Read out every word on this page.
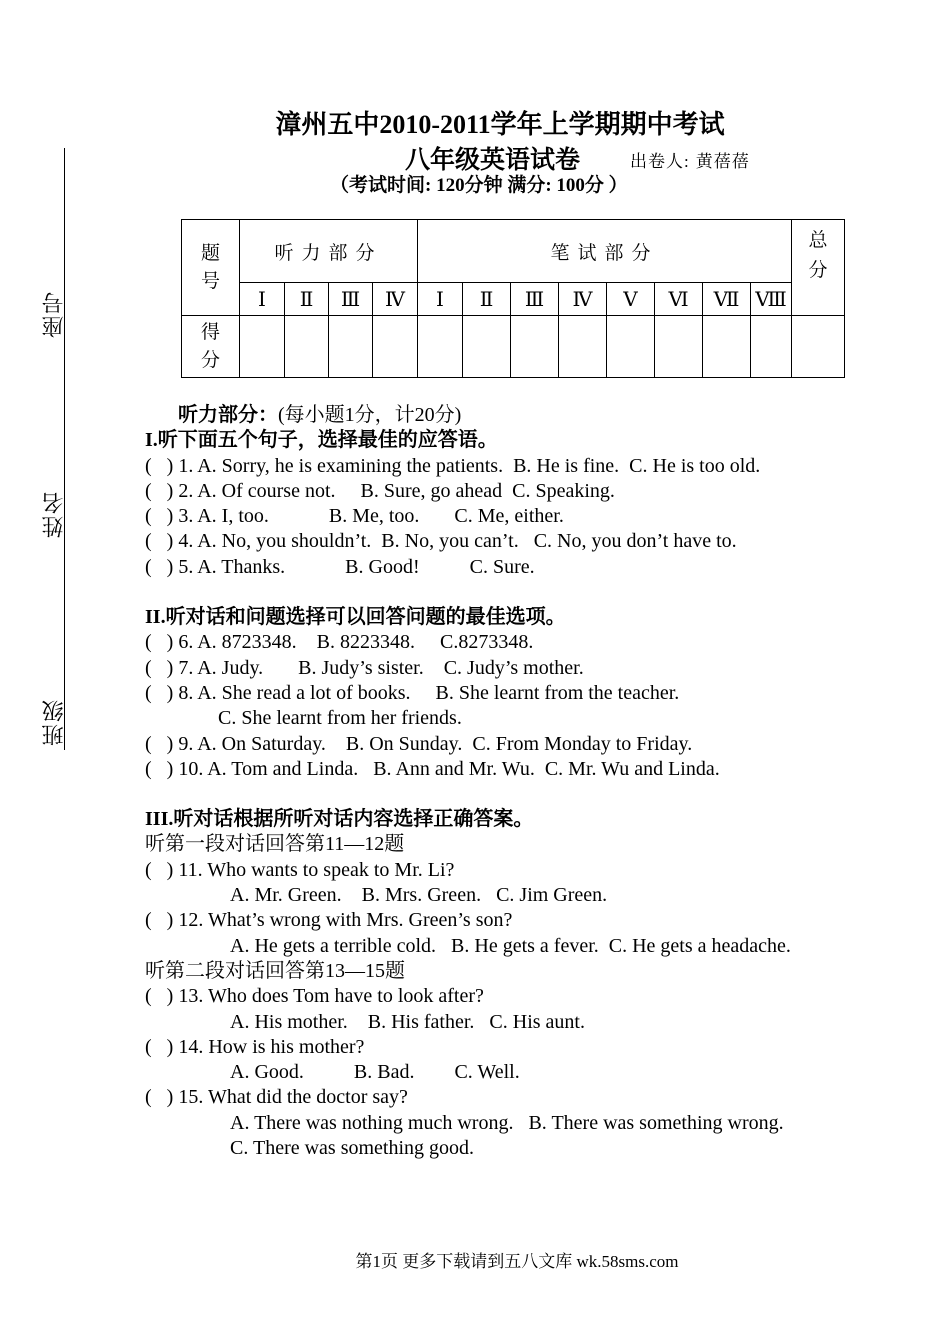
座号
姓名
班级
漳州五中2010-2011学年上学期期中考试
八年级英语试卷	出卷人: 黄蓓蓓
（考试时间: 120分钟 满分: 100分 ）
题号	听力部分				笔试部分								总分
	Ⅰ	Ⅱ	Ⅲ	Ⅳ	Ⅰ	Ⅱ	Ⅲ	Ⅳ	Ⅴ	Ⅵ	Ⅶ	Ⅷ	
得分													

听力部分：(每小题1分，计20分)

I.听下面五个句子，选择最佳的应答语。

(   ) 1. A. Sorry, he is examining the patients.  B. He is fine.  C. He is too old.

(   ) 2. A. Of course not.     B. Sure, go ahead  C. Speaking.

(   ) 3. A. I, too.            B. Me, too.       C. Me, either.

(   ) 4. A. No, you shouldn’t.  B. No, you can’t.   C. No, you don’t have to.

(   ) 5. A. Thanks.            B. Good!          C. Sure.

II.听对话和问题选择可以回答问题的最佳选项。

(   ) 6. A. 8723348.    B. 8223348.     C.8273348.

(   ) 7. A. Judy.       B. Judy’s sister.    C. Judy’s mother.

(   ) 8. A. She read a lot of books.     B. She learnt from the teacher.

C. She learnt from her friends.

(   ) 9. A. On Saturday.    B. On Sunday.  C. From Monday to Friday.

(   ) 10. A. Tom and Linda.   B. Ann and Mr. Wu.  C. Mr. Wu and Linda.

III.听对话根据所听对话内容选择正确答案。

听第一段对话回答第11—12题

(   ) 11. Who wants to speak to Mr. Li?

A. Mr. Green.    B. Mrs. Green.   C. Jim Green.

(   ) 12. What’s wrong with Mrs. Green’s son?

A. He gets a terrible cold.   B. He gets a fever.  C. He gets a headache.

听第二段对话回答第13—15题

(   ) 13. Who does Tom have to look after?

A. His mother.    B. His father.   C. His aunt.

(   ) 14. How is his mother?

A. Good.          B. Bad.        C. Well.

(   ) 15. What did the doctor say?

A. There was nothing much wrong.   B. There was something wrong.

C. There was something good.

第1页 更多下载请到五八文库 wk.58sms.com
